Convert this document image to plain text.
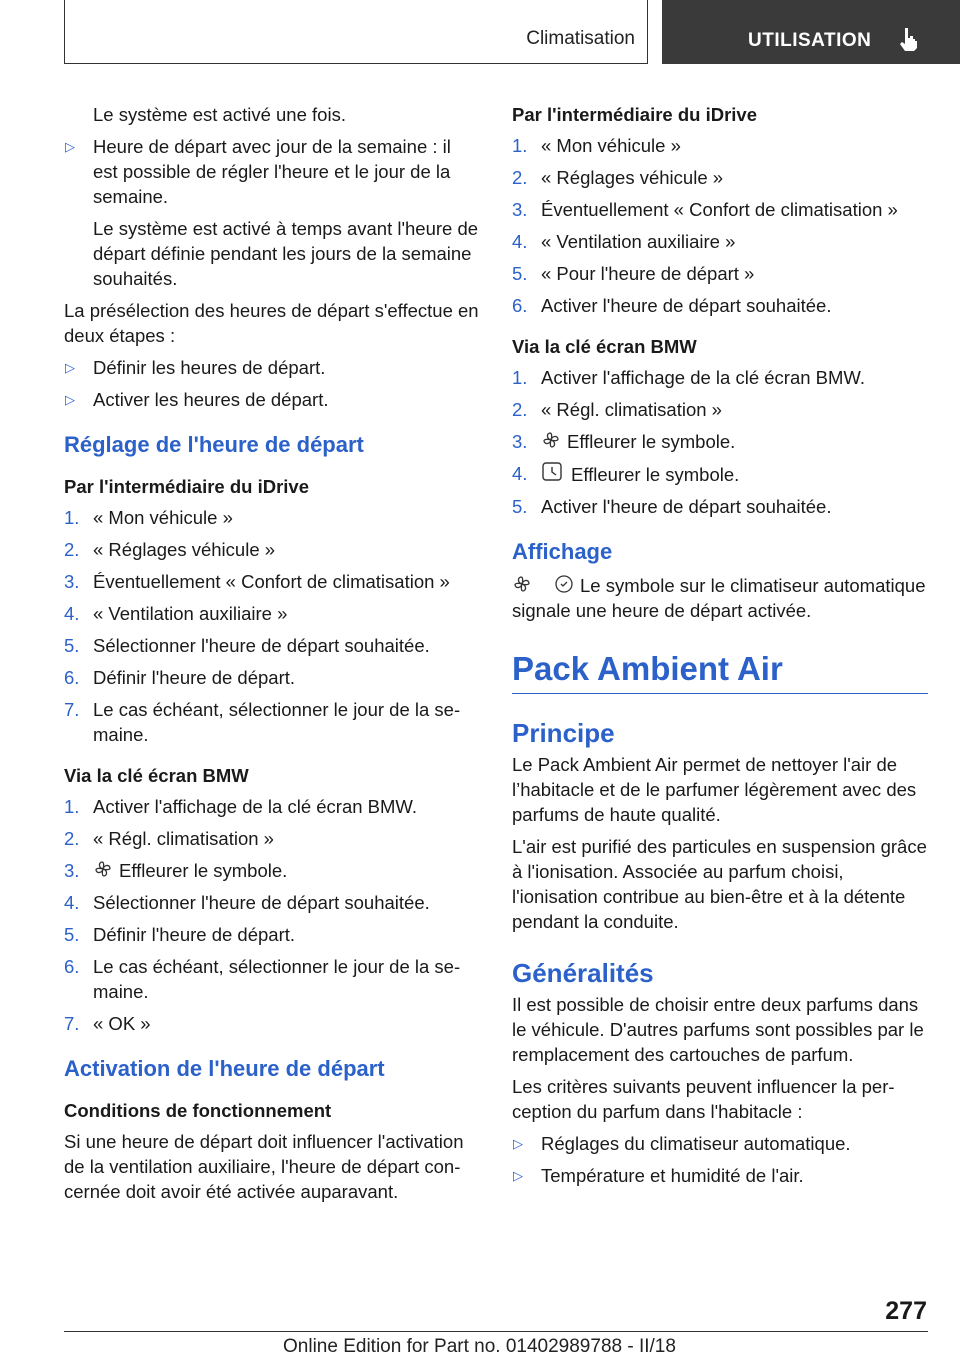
Climatisation	UTILISATION

Le système est activé une fois.

▷ Heure de départ avec jour de la semaine : il est possible de régler l'heure et le jour de la semaine.

Le système est activé à temps avant l'heure de départ définie pendant les jours de la semaine souhaités.

La présélection des heures de départ s'effectue en deux étapes :

▷ Définir les heures de départ.
▷ Activer les heures de départ.
Réglage de l'heure de départ
Par l'intermédiaire du iDrive
1. « Mon véhicule »
2. « Réglages véhicule »
3. Éventuellement « Confort de climatisation »
4. « Ventilation auxiliaire »
5. Sélectionner l'heure de départ souhaitée.
6. Définir l'heure de départ.
7. Le cas échéant, sélectionner le jour de la semaine.
Via la clé écran BMW
1. Activer l'affichage de la clé écran BMW.
2. « Régl. climatisation »
3. Effleurer le symbole.
4. Sélectionner l'heure de départ souhaitée.
5. Définir l'heure de départ.
6. Le cas échéant, sélectionner le jour de la semaine.
7. « OK »
Activation de l'heure de départ
Conditions de fonctionnement

Si une heure de départ doit influencer l'activation de la ventilation auxiliaire, l'heure de départ concernée doit avoir été activée auparavant.

Par l'intermédiaire du iDrive
1. « Mon véhicule »
2. « Réglages véhicule »
3. Éventuellement « Confort de climatisation »
4. « Ventilation auxiliaire »
5. « Pour l'heure de départ »
6. Activer l'heure de départ souhaitée.
Via la clé écran BMW
1. Activer l'affichage de la clé écran BMW.
2. « Régl. climatisation »
3. Effleurer le symbole.
4. Effleurer le symbole.
5. Activer l'heure de départ souhaitée.
Affichage

Le symbole sur le climatiseur automatique signale une heure de départ activée.

Pack Ambient Air
Principe

Le Pack Ambient Air permet de nettoyer l'air de l’habitacle et de le parfumer légèrement avec des parfums de haute qualité.

L'air est purifié des particules en suspension grâce à l'ionisation. Associée au parfum choisi, l'ionisation contribue au bien-être et à la détente pendant la conduite.

Généralités

Il est possible de choisir entre deux parfums dans le véhicule. D'autres parfums sont possibles par le remplacement des cartouches de parfum.

Les critères suivants peuvent influencer la perception du parfum dans l'habitacle :

▷ Réglages du climatiseur automatique.
▷ Température et humidité de l'air.
277
Online Edition for Part no. 01402989788 - II/18
